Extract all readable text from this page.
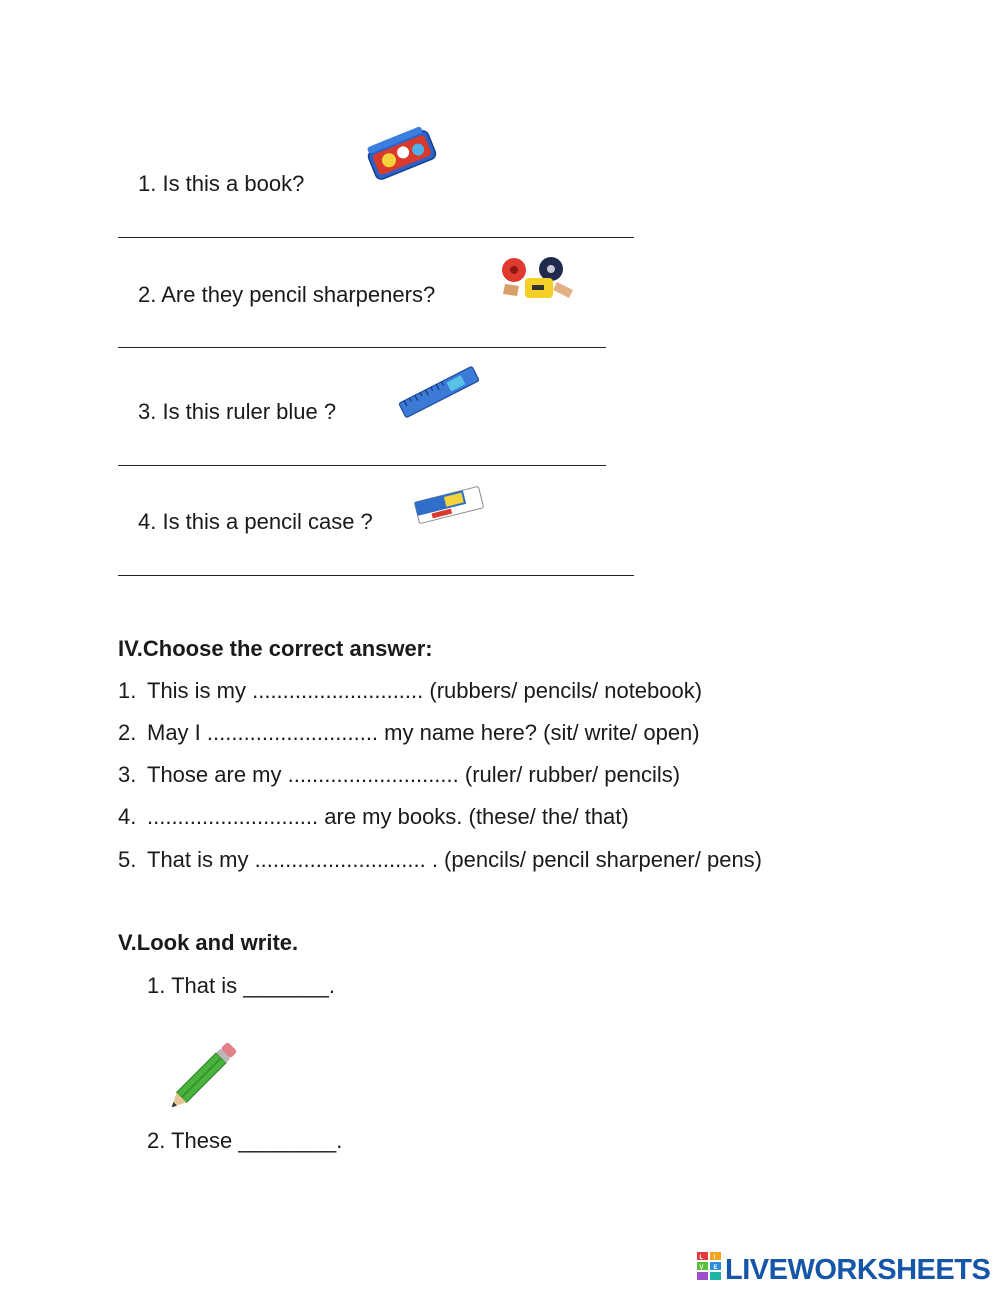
1. Is this a book?
2. Are they pencil sharpeners?
3. Is this ruler blue ?
4. Is this a pencil case ?
IV.Choose the correct answer:
1. This is my ............................ (rubbers/ pencils/ notebook)
2. May I ............................ my name here? (sit/ write/ open)
3. Those are my ............................ (ruler/ rubber/ pencils)
4. ............................ are my books. (these/ the/ that)
5. That is my ............................ . (pencils/ pencil sharpener/ pens)
V.Look and write.
1. That is _______.
2. These ________.
L I
V E LIVEWORKSHEETS
